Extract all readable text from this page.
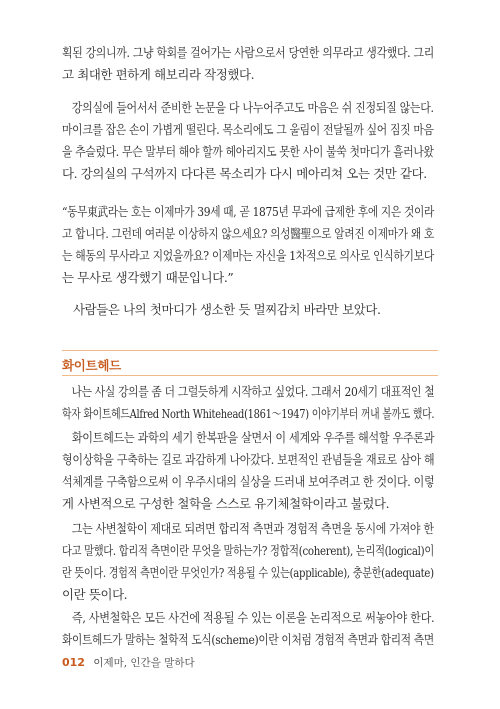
획된 강의니까. 그냥 학회를 걸어가는 사람으로서 당연한 의무라고 생각했다. 그리
고 최대한 편하게 해보리라 작정했다.
강의실에 들어서서 준비한 논문을 다 나누어주고도 마음은 쉬 진정되질 않는다.
마이크를 잡은 손이 가볍게 떨린다. 목소리에도 그 울림이 전달될까 싶어 짐짓 마음
을 추슬렀다. 무슨 말부터 해야 할까 헤아리지도 못한 사이 불쑥 첫마디가 흘러나왔
다. 강의실의 구석까지 다다른 목소리가 다시 메아리쳐 오는 것만 같다.
“동무東武라는 호는 이제마가 39세 때, 곧 1875년 무과에 급제한 후에 지은 것이라
고 합니다. 그런데 여러분 이상하지 않으세요? 의성醫聖으로 알려진 이제마가 왜 호
는 해동의 무사라고 지었을까요? 이제마는 자신을 1차적으로 의사로 인식하기보다
는 무사로 생각했기 때문입니다.”
사람들은 나의 첫마디가 생소한 듯 멀찌감치 바라만 보았다.
화이트헤드
나는 사실 강의를 좀 더 그럴듯하게 시작하고 싶었다. 그래서 20세기 대표적인 철
학자 화이트헤드Alfred North Whitehead(1861～1947) 이야기부터 꺼내 볼까도 했다.
화이트헤드는 과학의 세기 한복판을 살면서 이 세계와 우주를 해석할 우주론과
형이상학을 구축하는 길로 과감하게 나아갔다. 보편적인 관념들을 재료로 삼아 해
석체계를 구축함으로써 이 우주시대의 실상을 드러내 보여주려고 한 것이다. 이렇
게 사변적으로 구성한 철학을 스스로 유기체철학이라고 불렀다.
그는 사변철학이 제대로 되려면 합리적 측면과 경험적 측면을 동시에 가져야 한
다고 말했다. 합리적 측면이란 무엇을 말하는가? 정합적(coherent), 논리적(logical)이
란 뜻이다. 경험적 측면이란 무엇인가? 적용될 수 있는(applicable), 충분한(adequate)
이란 뜻이다.
즉, 사변철학은 모든 사건에 적용될 수 있는 이론을 논리적으로 써놓아야 한다.
화이트헤드가 말하는 철학적 도식(scheme)이란 이처럼 경험적 측면과 합리적 측면
012 이제마, 인간을 말하다
